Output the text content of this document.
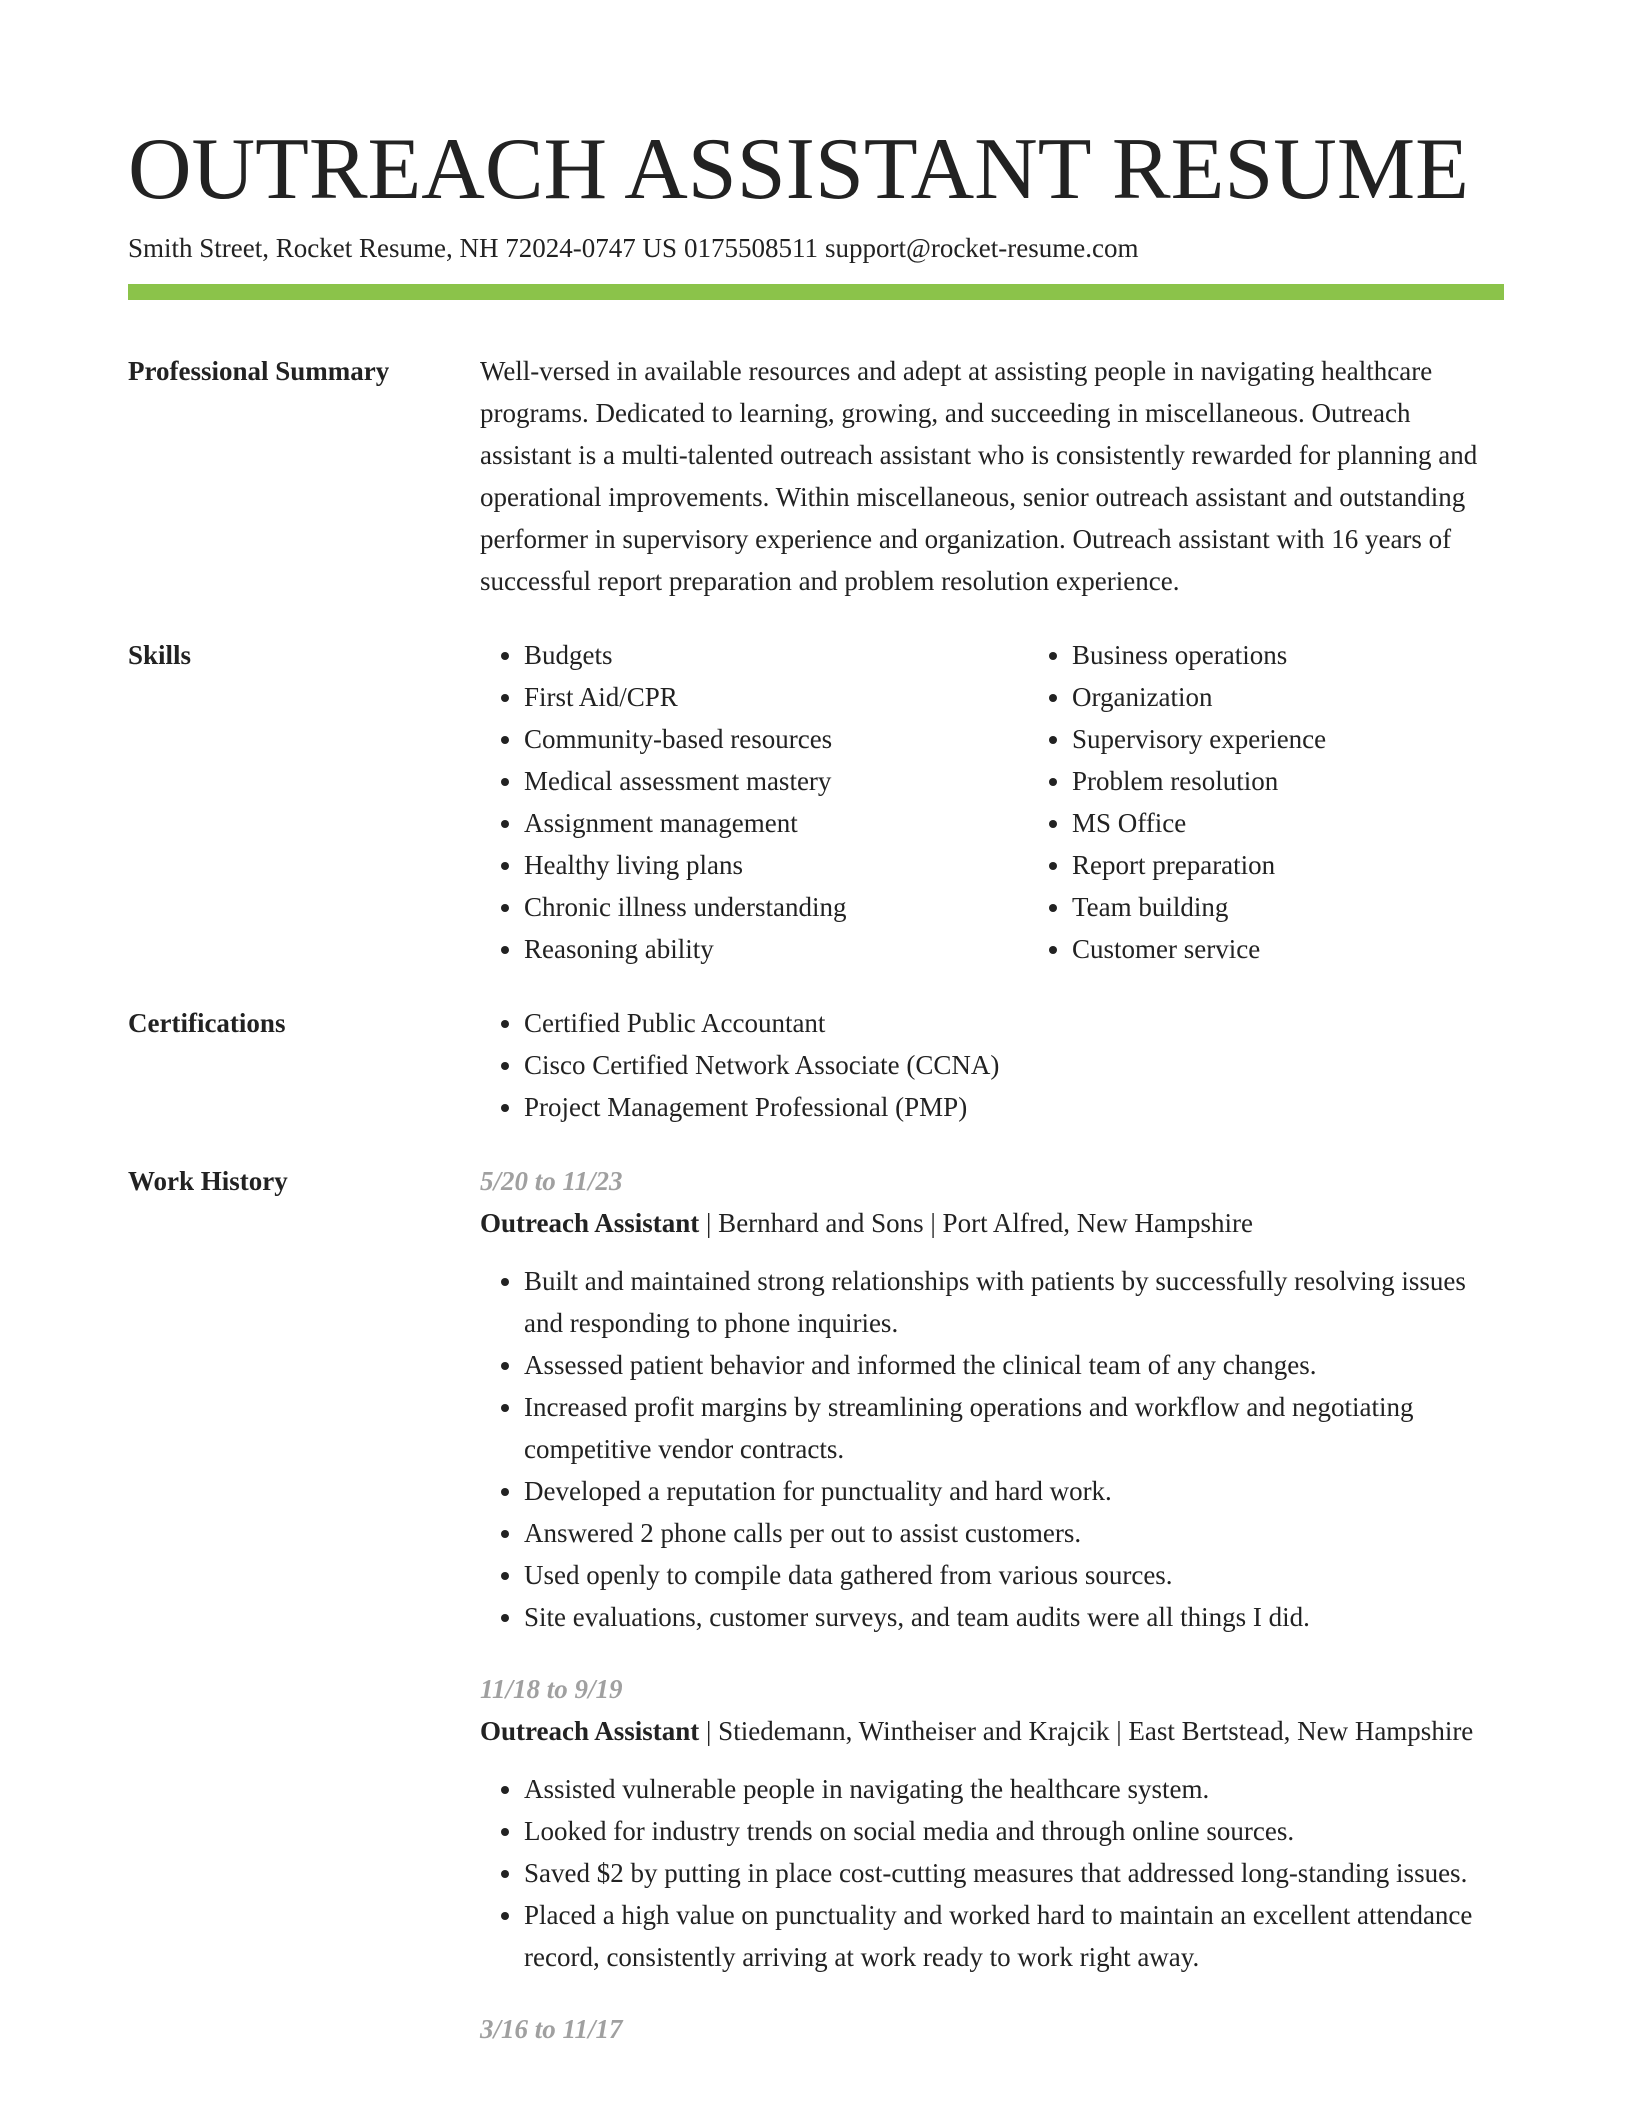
OUTREACH ASSISTANT RESUME
Smith Street, Rocket Resume, NH 72024-0747 US 0175508511 support@rocket-resume.com
Professional Summary	Well-versed in available resources and adept at assisting people in navigating healthcare programs. Dedicated to learning, growing, and succeeding in miscellaneous. Outreach assistant is a multi-talented outreach assistant who is consistently rewarded for planning and operational improvements. Within miscellaneous, senior outreach assistant and outstanding performer in supervisory experience and organization. Outreach assistant with 16 years of successful report preparation and problem resolution experience.
Skills	• Budgets
• First Aid/CPR
• Community-based resources
• Medical assessment mastery
• Assignment management
• Healthy living plans
• Chronic illness understanding
• Reasoning ability
• Business operations
• Organization
• Supervisory experience
• Problem resolution
• MS Office
• Report preparation
• Team building
• Customer service
Certifications	• Certified Public Accountant
• Cisco Certified Network Associate (CCNA)
• Project Management Professional (PMP)
Work History	5/20 to 11/23
Outreach Assistant | Bernhard and Sons | Port Alfred, New Hampshire
• Built and maintained strong relationships with patients by successfully resolving issues and responding to phone inquiries.
• Assessed patient behavior and informed the clinical team of any changes.
• Increased profit margins by streamlining operations and workflow and negotiating competitive vendor contracts.
• Developed a reputation for punctuality and hard work.
• Answered 2 phone calls per out to assist customers.
• Used openly to compile data gathered from various sources.
• Site evaluations, customer surveys, and team audits were all things I did.
11/18 to 9/19
Outreach Assistant | Stiedemann, Wintheiser and Krajcik | East Bertstead, New Hampshire
• Assisted vulnerable people in navigating the healthcare system.
• Looked for industry trends on social media and through online sources.
• Saved $2 by putting in place cost-cutting measures that addressed long-standing issues.
• Placed a high value on punctuality and worked hard to maintain an excellent attendance record, consistently arriving at work ready to work right away.
3/16 to 11/17
